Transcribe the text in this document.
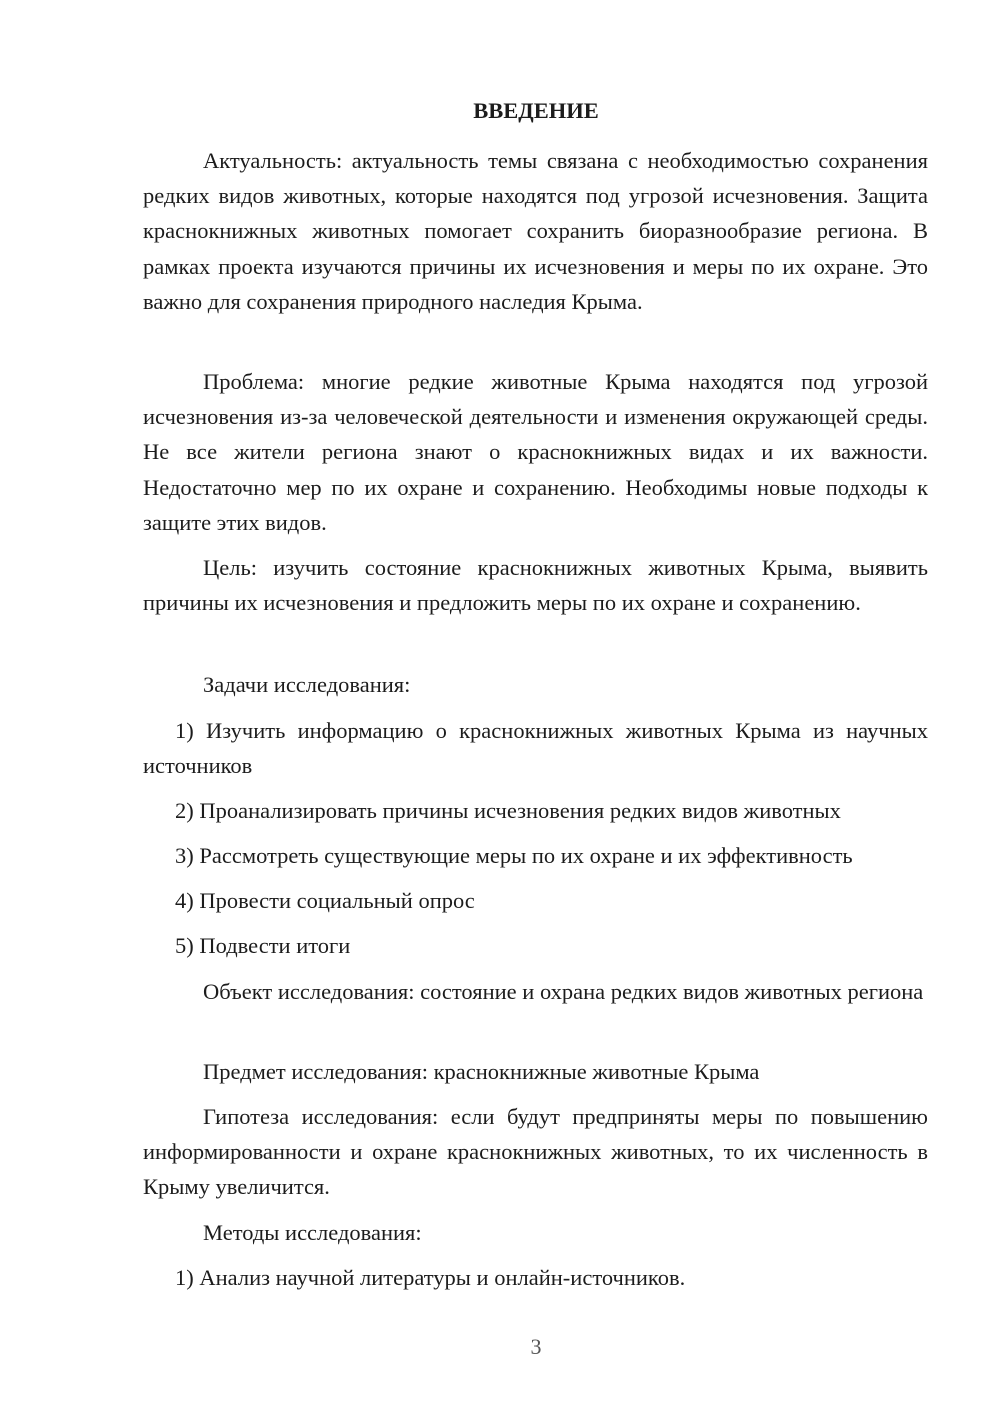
ВВЕДЕНИЕ

Актуальность: актуальность темы связана с необходимостью сохранения редких видов животных, которые находятся под угрозой исчезновения. Защита краснокнижных животных помогает сохранить биоразнообразие региона. В рамках проекта изучаются причины их исчезновения и меры по их охране. Это важно для сохранения природного наследия Крыма.

Проблема: многие редкие животные Крыма находятся под угрозой исчезновения из-за человеческой деятельности и изменения окружающей среды. Не все жители региона знают о краснокнижных видах и их важности. Недостаточно мер по их охране и сохранению. Необходимы новые подходы к защите этих видов.

Цель: изучить состояние краснокнижных животных Крыма, выявить причины их исчезновения и предложить меры по их охране и сохранению.

Задачи исследования:

1) Изучить информацию о краснокнижных животных Крыма из научных источников

2) Проанализировать причины исчезновения редких видов животных

3) Рассмотреть существующие меры по их охране и их эффективность

4) Провести социальный опрос

5) Подвести итоги

Объект исследования: состояние и охрана редких видов животных региона

Предмет исследования: краснокнижные животные Крыма

Гипотеза исследования: если будут предприняты меры по повышению информированности и охране краснокнижных животных, то их численность в Крыму увеличится.

Методы исследования:

1) Анализ научной литературы и онлайн-источников.

3
